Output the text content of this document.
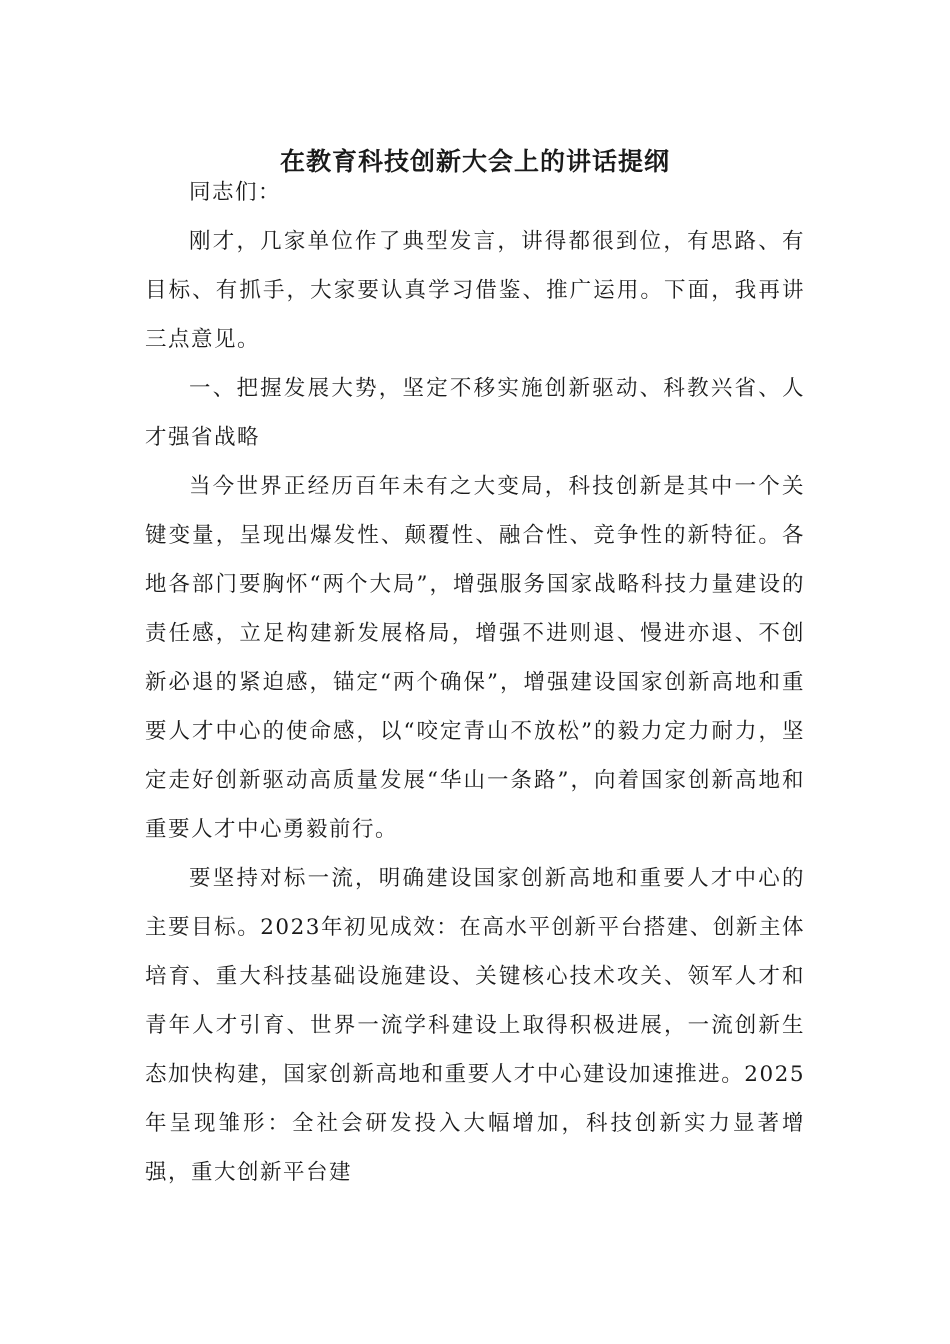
在教育科技创新大会上的讲话提纲

同志们：

刚才，几家单位作了典型发言，讲得都很到位，有思路、有目标、有抓手，大家要认真学习借鉴、推广运用。下面，我再讲三点意见。

一、把握发展大势，坚定不移实施创新驱动、科教兴省、人才强省战略

当今世界正经历百年未有之大变局，科技创新是其中一个关键变量，呈现出爆发性、颠覆性、融合性、竞争性的新特征。各地各部门要胸怀“两个大局”，增强服务国家战略科技力量建设的责任感，立足构建新发展格局，增强不进则退、慢进亦退、不创新必退的紧迫感，锚定“两个确保”，增强建设国家创新高地和重要人才中心的使命感，以“咬定青山不放松”的毅力定力耐力，坚定走好创新驱动高质量发展“华山一条路”，向着国家创新高地和重要人才中心勇毅前行。

要坚持对标一流，明确建设国家创新高地和重要人才中心的主要目标。2023年初见成效：在高水平创新平台搭建、创新主体培育、重大科技基础设施建设、关键核心技术攻关、领军人才和青年人才引育、世界一流学科建设上取得积极进展，一流创新生态加快构建，国家创新高地和重要人才中心建设加速推进。2025年呈现雏形：全社会研发投入大幅增加，科技创新实力显著增强，重大创新平台建
